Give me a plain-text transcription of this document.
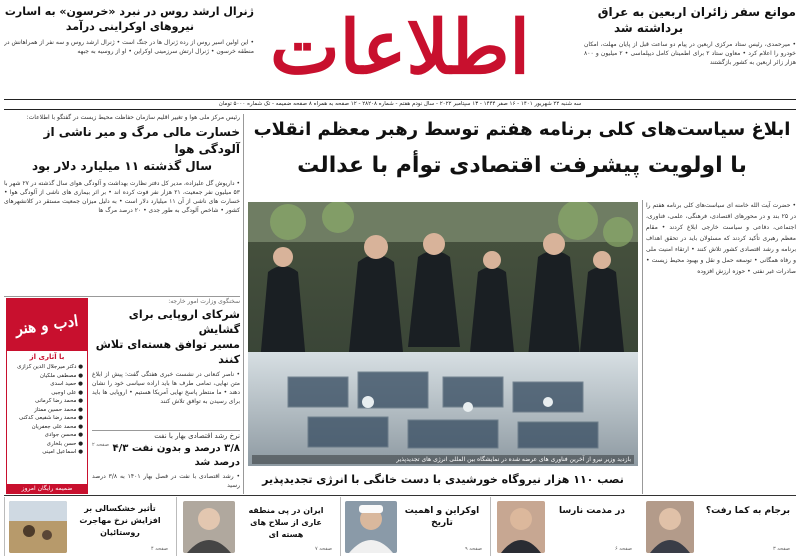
اطلاعات	موانع سفر زائران اربعین به عراق
برداشته شد
• میرحمدی، رئیس ستاد مرکزی اربعین در پیام دو ساعت قبل از پایان مهلت، امکان خودرو را اعلام کرد • معاون ستاد ۲ برای اطمینان کامل دیپلماسی • ۲ میلیون و ۸۰۰ هزار زائر اربعین به کشور بازگشتند
ژنرال ارشد روس در نبرد «خرسون» به اسارت
نیروهای اوکراینی درآمد
• این اولین اسیر روس از رده ژنرال ها در جنگ است • ژنرال ارشد روس و سه نفر از همراهانش در منطقه خرسون • ژنرال ارتش سرزمینی اوکراین • او از روسیه به جبهه
سه شنبه ۲۲ شهریور ۱۴۰۱ - ۱۶ صفر ۱۴۴۴ - ۱۳ سپتامبر ۲۰۲۲ - سال نودم هفتم - شماره ۲۸۲۰۸ - ۱۲ صفحه به همراه ۸ صفحه ضمیمه - تک شماره ۵۰۰۰ تومان
رئیس مرکز ملی هوا و تغییر اقلیم سازمان حفاظت محیط زیست در گفتگو با اطلاعات:
خسارت مالی مرگ و میر ناشی از آلودگی هوا
سال گذشته ۱۱ میلیارد دلار بود
• داریوش گل علیزاده، مدیر کل دفتر نظارت بهداشت و آلودگی هوای سال گذشته در ۲۷ شهر با ۵۳ میلیون نفر جمعیت، ۲۱ هزار نفر فوت کرده اند • بر اثر بیماری های ناشی از آلودگی هوا • خسارت های ناشی از آن ۱۱ میلیارد دلار است • به دلیل میزان جمعیت مستقر در کلانشهرهای کشور • شاخص آلودگی به طور جدی • ۲۰ درصد مرگ ها
سخنگوی وزارت امور خارجه:
شرکای اروپایی برای گشایش
مسیر توافق هسته‌ای تلاش کنند
• ناصر کنعانی در نشست خبری هفتگی گفت: پیش از ابلاغ متن نهایی، تمامی طرف ها باید اراده سیاسی خود را نشان دهند • ما منتظر پاسخ نهایی آمریکا هستیم • اروپایی ها باید برای رسیدن به توافق تلاش کنند
صفحه ۲
نرخ رشد اقتصادی بهار با نفت
۳/۸ درصد و بدون نفت ۴/۳ درصد شد
• رشد اقتصادی با نفت در فصل بهار ۱۴۰۱ به ۳/۸ درصد رسید
ادب و هنر
با آثاری از
● دکتر میرجلال الدین کزازی
● مصطفی ملکیان
● حمید اسدی
● علی اوجبی
● محمد رضا کرمانی
● محمد حسین ممتاز
● محمد رضا شفیعی کدکنی
● محمد علی جعفریان
● محسن جوادی
● حسن بلخاری
● اسماعیل امینی
ضمیمه رایگان امروز
ابلاغ سیاست‌های کلی برنامه هفتم توسط رهبر معظم انقلاب
با اولویت پیشرفت اقتصادی توأم با عدالت
• حضرت آیت الله خامنه ای سیاست‌های کلی برنامه هفتم را در ۲۵ بند و در محورهای اقتصادی، فرهنگی، علمی، فناوری، اجتماعی، دفاعی و سیاست خارجی ابلاغ کردند • مقام معظم رهبری تأکید کردند که مسئولان باید در تحقق اهداف برنامه و رشد اقتصادی کشور تلاش کنند • ارتقاء امنیت ملی و رفاه همگانی • توسعه حمل و نقل و بهبود محیط زیست • صادرات غیر نفتی • حوزه ارزش افزوده
بازدید وزیر نیرو از آخرین فناوری های عرضه شده در نمایشگاه بین المللی انرژی های تجدیدپذیر
نصب ۱۱۰ هزار نیروگاه خورشیدی با دست خانگی با انرژی تجدیدپذیر
برجام به کما رفت؟
صفحه ۳
در مذمت نارسا
صفحه ۶
اوکراین و اهمیت تاریخ
صفحه ۹
ایران در پی منطقه عاری از سلاح های هسته ای
صفحه ۷
تأثیر خشکسالی بر افزایش نرخ مهاجرت روستائیان
صفحه ۴
